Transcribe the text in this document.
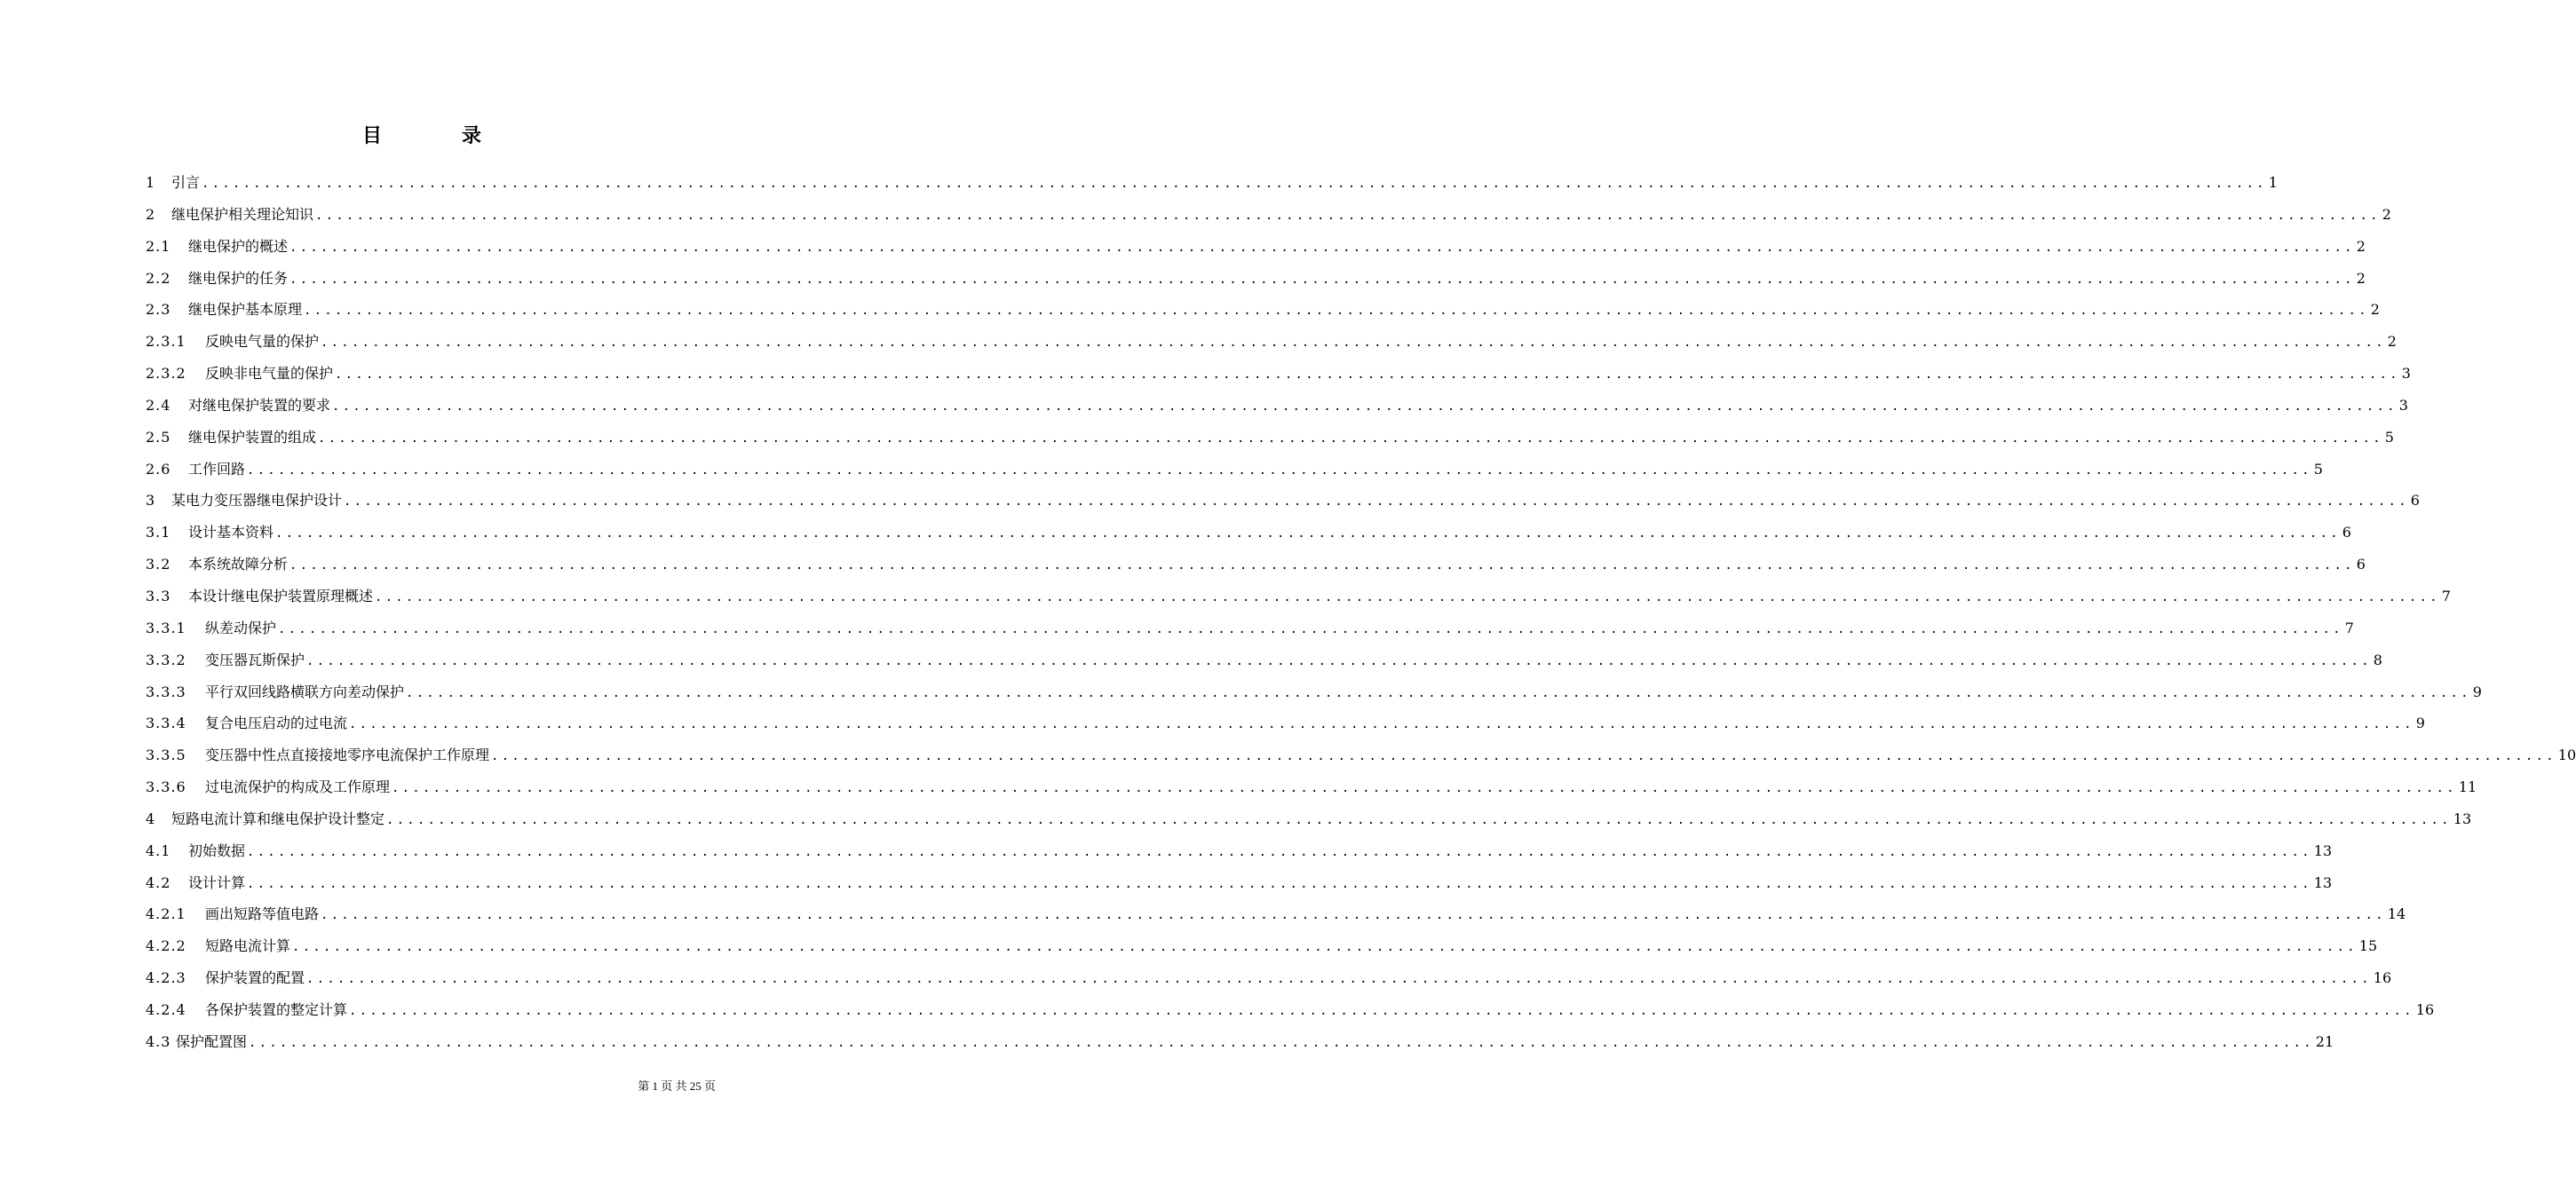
目　录
1	引言 ........................................................................................................................................................................................................ 1
2	继电保护相关理论知识 ........................................................................................................................................................................................................ 2
2.1	继电保护的概述 ........................................................................................................................................................................................................ 2
2.2	继电保护的任务 ........................................................................................................................................................................................................ 2
2.3	继电保护基本原理 ........................................................................................................................................................................................................ 2
2.3.1	反映电气量的保护 ........................................................................................................................................................................................................ 2
2.3.2	反映非电气量的保护 ........................................................................................................................................................................................................ 3
2.4	对继电保护装置的要求 ........................................................................................................................................................................................................ 3
2.5	继电保护装置的组成 ........................................................................................................................................................................................................ 5
2.6	工作回路 ........................................................................................................................................................................................................ 5
3	某电力变压器继电保护设计 ........................................................................................................................................................................................................ 6
3.1	设计基本资料 ........................................................................................................................................................................................................ 6
3.2	本系统故障分析 ........................................................................................................................................................................................................ 6
3.3	本设计继电保护装置原理概述 ........................................................................................................................................................................................................ 7
3.3.1	纵差动保护 ........................................................................................................................................................................................................ 7
3.3.2	变压器瓦斯保护 ........................................................................................................................................................................................................ 8
3.3.3	平行双回线路横联方向差动保护 ........................................................................................................................................................................................................ 9
3.3.4	复合电压启动的过电流 ........................................................................................................................................................................................................ 9
3.3.5	变压器中性点直接接地零序电流保护工作原理 ........................................................................................................................................................................................................ 10
3.3.6	过电流保护的构成及工作原理 ........................................................................................................................................................................................................ 11
4	短路电流计算和继电保护设计整定 ........................................................................................................................................................................................................ 13
4.1	初始数据 ........................................................................................................................................................................................................ 13
4.2	设计计算 ........................................................................................................................................................................................................ 13
4.2.1	画出短路等值电路 ........................................................................................................................................................................................................ 14
4.2.2	短路电流计算 ........................................................................................................................................................................................................ 15
4.2.3	保护装置的配置 ........................................................................................................................................................................................................ 16
4.2.4	各保护装置的整定计算 ........................................................................................................................................................................................................ 16
4.3 保护配置图 ........................................................................................................................................................................................................ 21
第 1 页 共 25 页
